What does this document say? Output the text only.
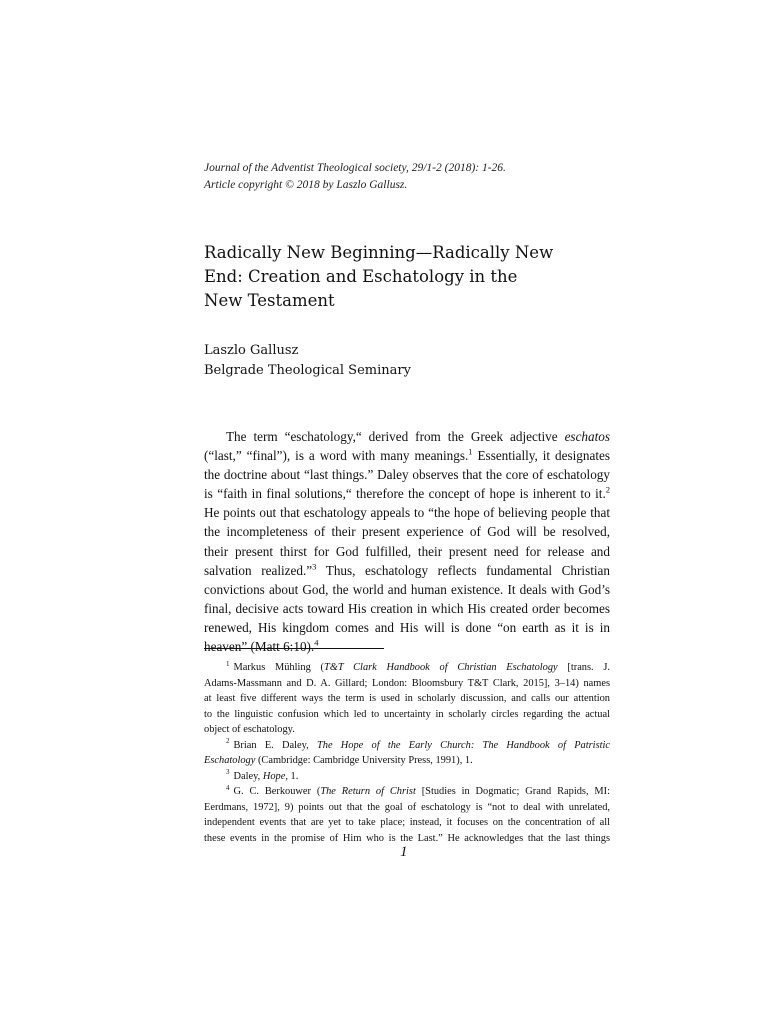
Journal of the Adventist Theological society, 29/1-2 (2018): 1-26.
Article copyright © 2018 by Laszlo Gallusz.
Radically New Beginning—Radically New
End: Creation and Eschatology in the
New Testament
Laszlo Gallusz
Belgrade Theological Seminary
The term “eschatology,“ derived from the Greek adjective eschatos
(“last,” “final”), is a word with many meanings.$^1$ Essentially, it designates
the doctrine about “last things.” Daley observes that the core of eschatology
is “faith in final solutions,“ therefore the concept of hope is inherent to it.$^2$
He points out that eschatology appeals to “the hope of believing people that
the incompleteness of their present experience of God will be resolved,
their present thirst for God fulfilled, their present need for release and
salvation realized.”$^3$ Thus, eschatology reflects fundamental Christian
convictions about God, the world and human existence. It deals with God’s
final, decisive acts toward His creation in which His created order becomes
renewed, His kingdom comes and His will is done “on earth as it is in
heaven” (Matt 6:10).$^4$
$^1$ Markus Mühling (T&T Clark Handbook of Christian Eschatology [trans. J.
Adams-Massmann and D. A. Gillard; London: Bloomsbury T&T Clark, 2015], 3–14) names
at least five different ways the term is used in scholarly discussion, and calls our attention
to the linguistic confusion which led to uncertainty in scholarly circles regarding the actual
object of eschatology.
$^2$ Brian E. Daley, The Hope of the Early Church: The Handbook of Patristic
Eschatology (Cambridge: Cambridge University Press, 1991), 1.
$^3$ Daley, Hope, 1.
$^4$ G. C. Berkouwer (The Return of Christ [Studies in Dogmatic; Grand Rapids, MI:
Eerdmans, 1972], 9) points out that the goal of eschatology is “not to deal with unrelated,
independent events that are yet to take place; instead, it focuses on the concentration of all
these events in the promise of Him who is the Last.” He acknowledges that the last things
1
